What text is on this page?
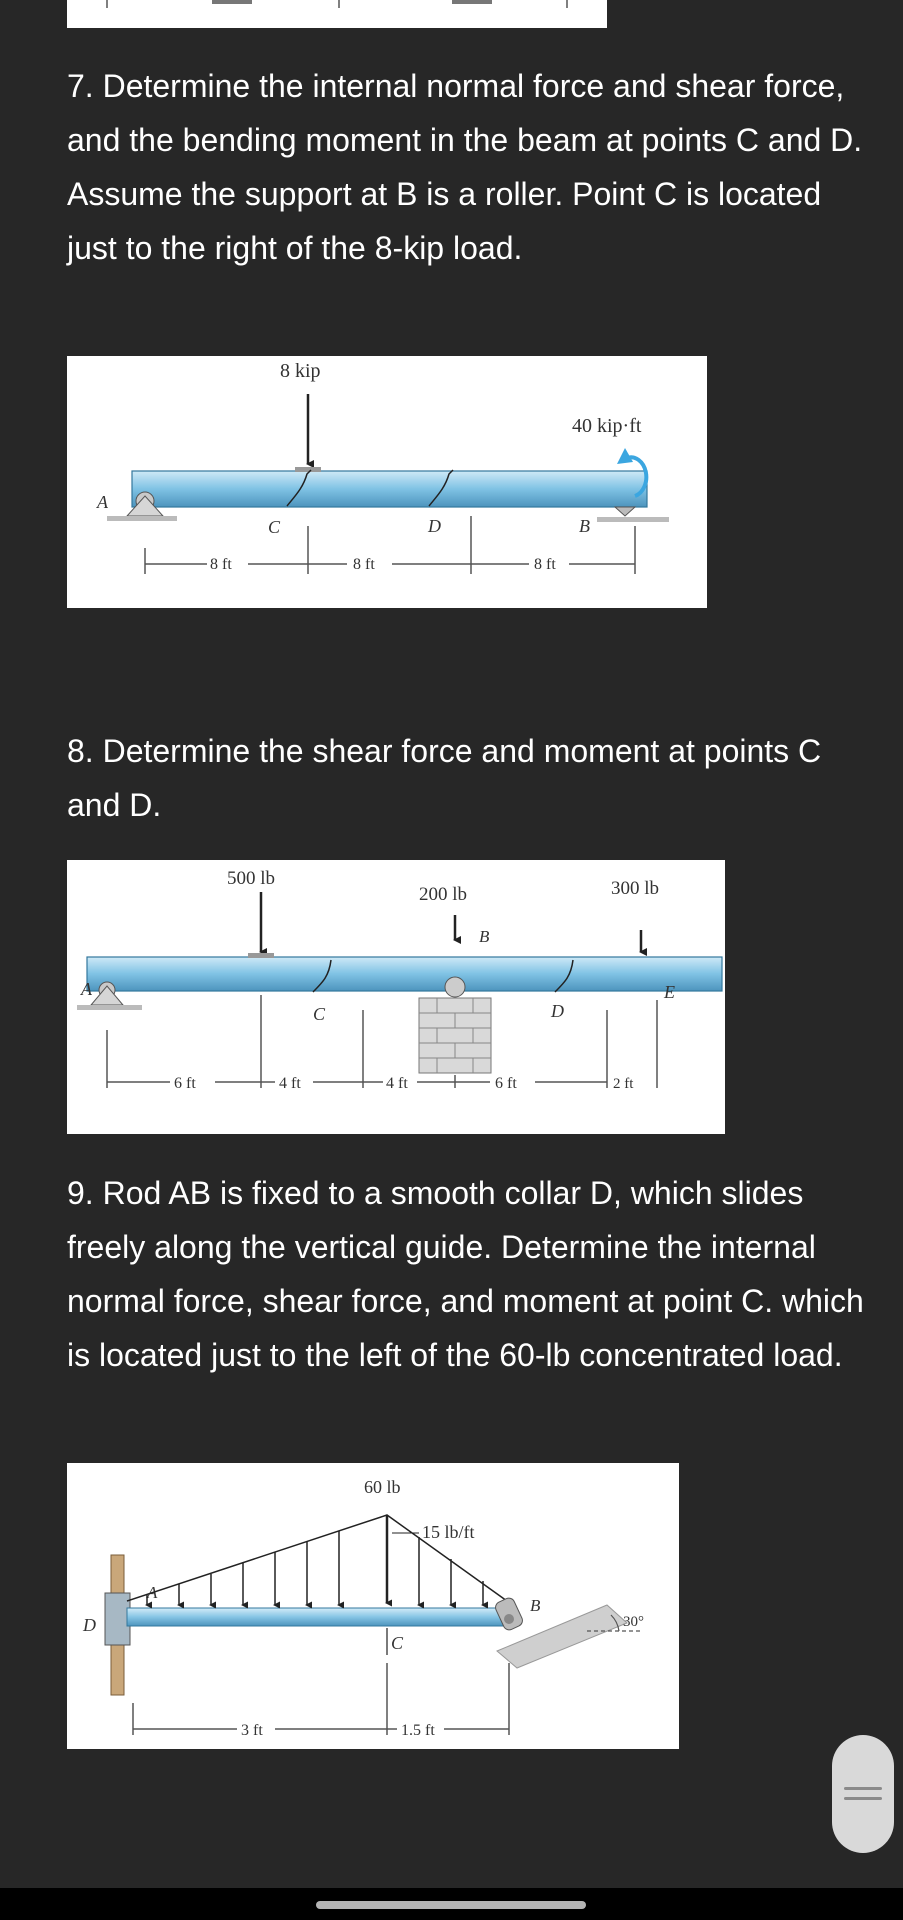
7. Determine the internal normal force and shear force, and the bending moment in the beam at points C and D. Assume the support at B is a roller. Point C is located just to the right of the 8-kip load.

A
B
8 kip
40 kip·ft
C	D
8 ft	8 ft	8 ft

8. Determine the shear force and moment at points C and D.

A
500 lb
200 lb	300 lb
B
C	D
E
6 ft	4 ft	4 ft	6 ft	2 ft

9. Rod AB is fixed to a smooth collar D, which slides freely along the vertical guide. Determine the internal normal force, shear force, and moment at point C. which is located just to the left of the 60-lb concentrated load.

D
A
60 lb
15 lb/ft
C
B
30°
3 ft	1.5 ft
